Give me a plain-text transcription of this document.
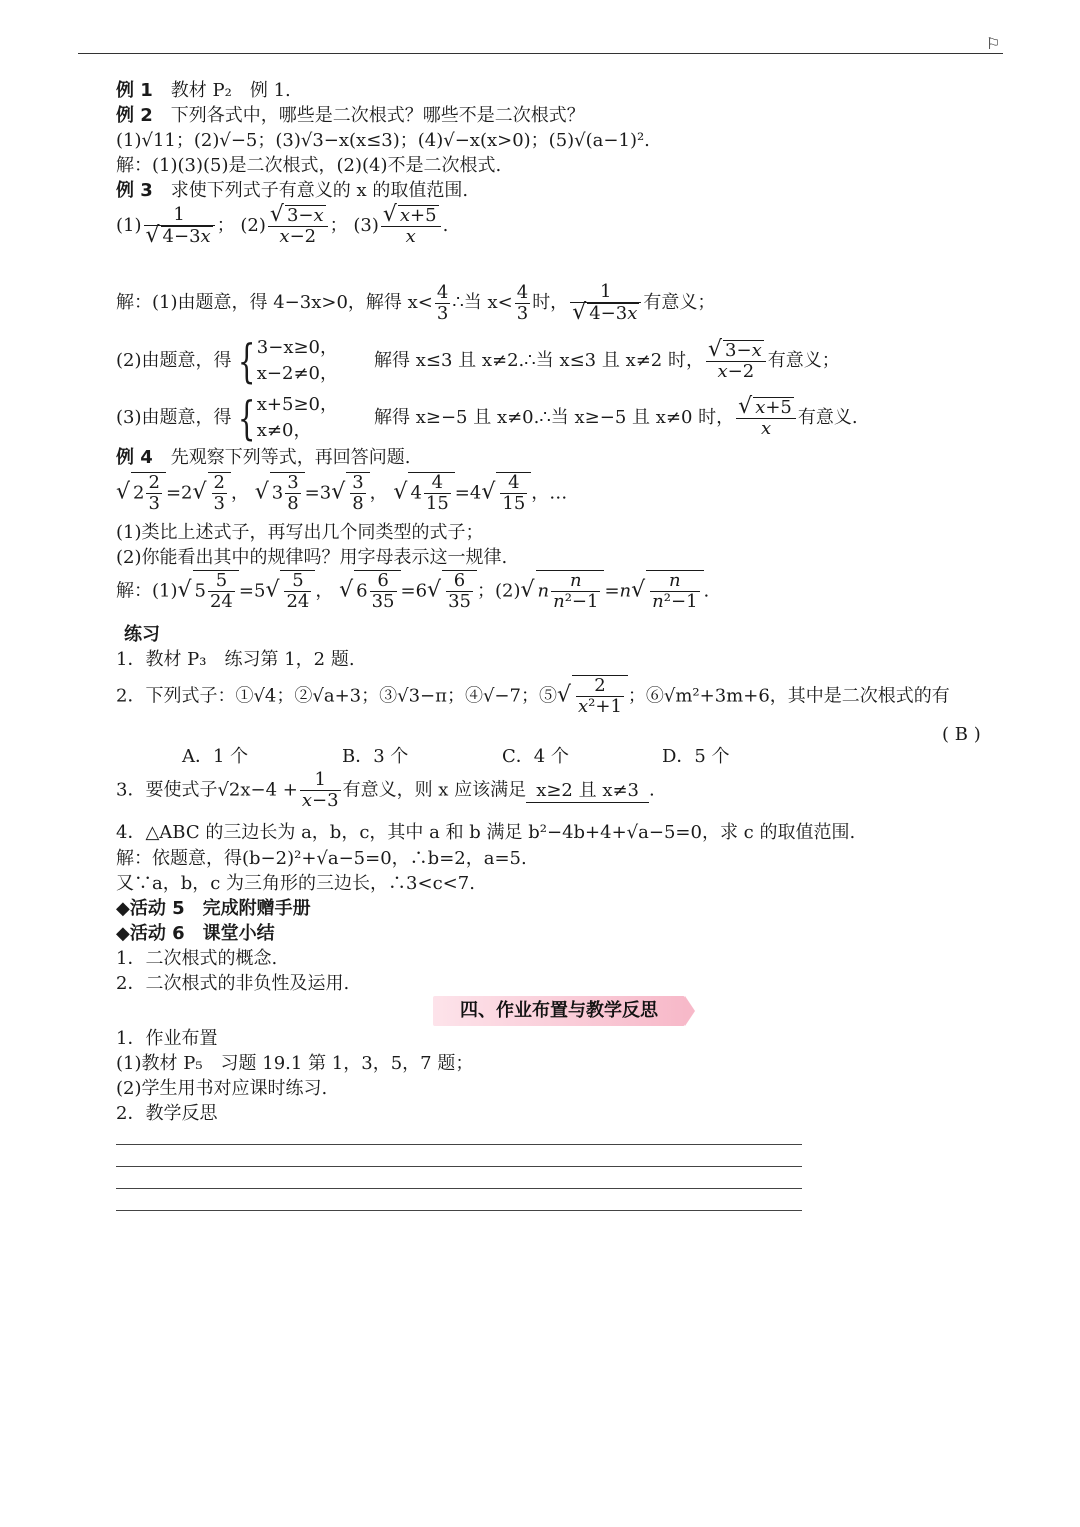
⚐
例 1　 教材 P₂　例 1.
例 2　 下列各式中，哪些是二次根式？哪些不是二次根式？
(1)√11；(2)√−5；(3)√3−x(x≤3)；(4)√−x(x>0)；(5)√(a−1)².
解：(1)(3)(5)是二次根式，(2)(4)不是二次根式.
例 3　 求使下列式子有意义的 x 的取值范围.
$(1) \frac{1}{√ 4-3x}$ ； $(2) \frac{√ 3-x}{x-2}$ ； $(3) \frac{√ x+5}{x}$ .
解：(1)由题意，得 4−3x>0，解得 $x< \frac{4}{3}$ ∴当 $x< \frac{4}{3}$ 时， $\frac{1}{√ 4-3x}$ 有意义；
(2)由题意，得 { 3−x≥0，
x−2≠0，　　解得 x≤3 且 x≠2.∴当 x≤3 且 x≠2 时， $\frac{√ 3-x}{x-2}$ 有意义；
(3)由题意，得 { x+5≥0，
x≠0，　　解得 x≥−5 且 x≠0.∴当 x≥−5 且 x≠0 时， $\frac{√ x+5}{x}$ 有意义.
例 4　 先观察下列等式，再回答问题.
√ $2 \frac{2}{3} =2√ \frac{2}{3}$ ， √ $3 \frac{3}{8} =3√ \frac{3}{8}$ ， √ $4 \frac{4}{15} =4√ \frac{4}{15}$ ，…
(1)类比上述式子，再写出几个同类型的式子；
(2)你能看出其中的规律吗？用字母表示这一规律.
解：(1)√ $5 \frac{5}{24} =5√ \frac{5}{24}$ ， √ $6 \frac{6}{35} =6√ \frac{6}{35}$ ；(2)√ n $\frac{n}{\text{n²−1}} =n√ \frac{n}{\text{n²−1}}$ .
练习
1．教材 P₃　练习第 1，2 题.
2．下列式子：①√4；②√a+3；③√3−π；④√−7；⑤√ $\frac{2}{\text{x²+1}}$ ；⑥√m²+3m+6，其中是二次根式的有
( B )
A．1 个	B．3 个	C．4 个	D．5 个
3．要使式子$√2x-4 + \frac{1}{x-3}$ 有意义，则 x 应该满足 x≥2 且 x≠3 .
4．△ABC 的三边长为 a，b，c，其中 a 和 b 满足 b²−4b+4+√a−5=0，求 c 的取值范围.
解：依题意，得(b−2)²+√a−5=0，∴b=2，a=5.
又∵a，b，c 为三角形的三边长，∴3<c<7.
◆活动 5　完成附赠手册
◆活动 6　课堂小结
1．二次根式的概念.
2．二次根式的非负性及运用.
四、作业布置与教学反思
1．作业布置
(1)教材 P₅　习题 19.1 第 1，3，5，7 题；
(2)学生用书对应课时练习.
2．教学反思
